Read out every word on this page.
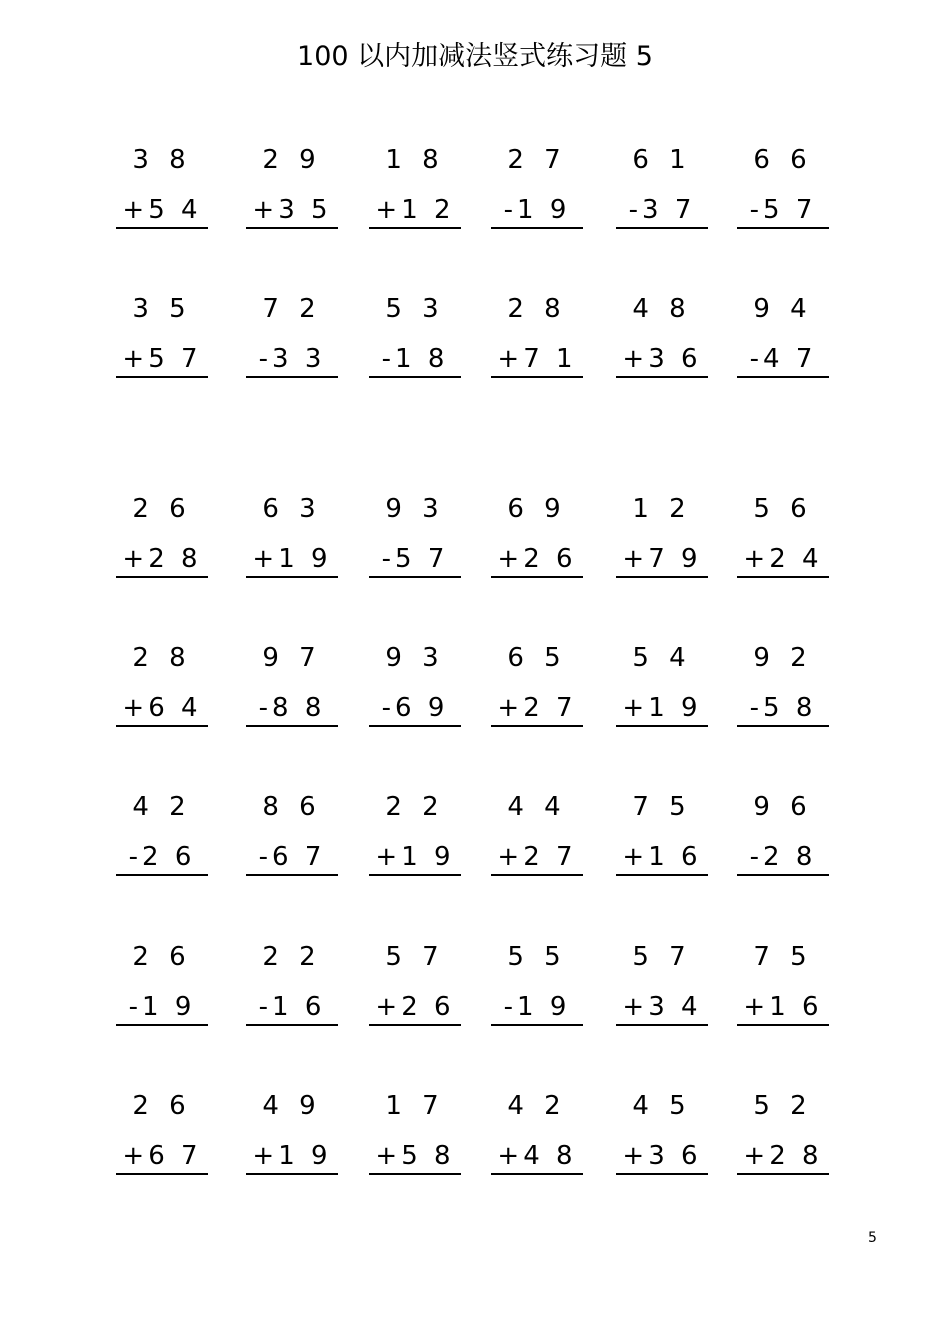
100 以内加减法竖式练习题 5
3 8
+5 4
2 9
+3 5
1 8
+1 2
2 7
-1 9
6 1
-3 7
6 6
-5 7
3 5
+5 7
7 2
-3 3
5 3
-1 8
2 8
+7 1
4 8
+3 6
9 4
-4 7
2 6
+2 8
6 3
+1 9
9 3
-5 7
6 9
+2 6
1 2
+7 9
5 6
+2 4
2 8
+6 4
9 7
-8 8
9 3
-6 9
6 5
+2 7
5 4
+1 9
9 2
-5 8
4 2
-2 6
8 6
-6 7
2 2
+1 9
4 4
+2 7
7 5
+1 6
9 6
-2 8
2 6
-1 9
2 2
-1 6
5 7
+2 6
5 5
-1 9
5 7
+3 4
7 5
+1 6
2 6
+6 7
4 9
+1 9
1 7
+5 8
4 2
+4 8
4 5
+3 6
5 2
+2 8
5
